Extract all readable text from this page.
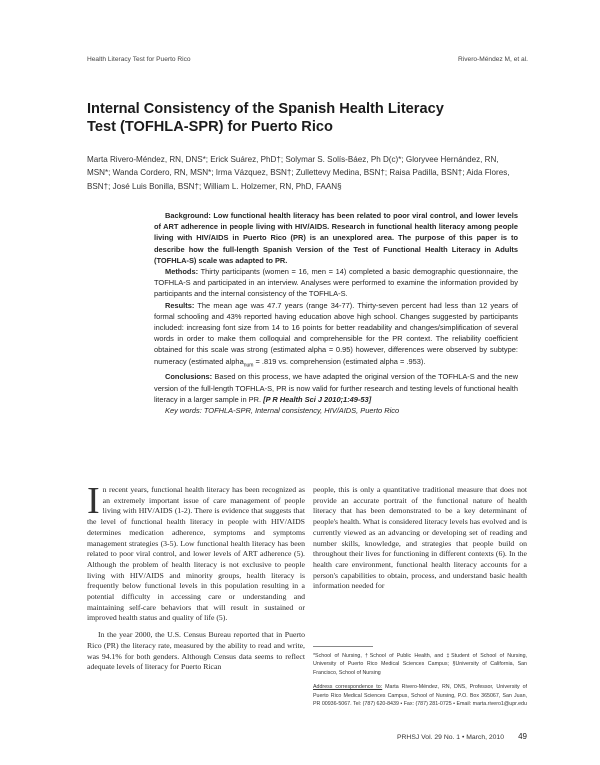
Health Literacy Test for Puerto Rico	Rivero-Méndez M, et al.
Internal Consistency of the Spanish Health Literacy Test (TOFHLA-SPR) for Puerto Rico
Marta Rivero-Méndez, RN, DNS*; Erick Suárez, PhD†; Solymar S. Solís-Báez, Ph D(c)*; Gloryvee Hernández, RN, MSN*; Wanda Cordero, RN, MSN*; Irma Vázquez, BSN†; Zullettevy Medina, BSN†; Raisa Padilla, BSN†; Aida Flores, BSN†; José Luis Bonilla, BSN†; William L. Holzemer, RN, PhD, FAAN§

Background: Low functional health literacy has been related to poor viral control, and lower levels of ART adherence in people living with HIV/AIDS. Research in functional health literacy among people living with HIV/AIDS in Puerto Rico (PR) is an unexplored area. The purpose of this paper is to describe how the full-length Spanish Version of the Test of Functional Health Literacy in Adults (TOFHLA-S) scale was adapted to PR.

Methods: Thirty participants (women = 16, men = 14) completed a basic demographic questionnaire, the TOFHLA-S and participated in an interview. Analyses were performed to examine the information provided by participants and the internal consistency of the TOFHLA-S.

Results: The mean age was 47.7 years (range 34-77). Thirty-seven percent had less than 12 years of formal schooling and 43% reported having education above high school. Changes suggested by participants included: increasing font size from 14 to 16 points for better readability and changes/simplification of several words in order to make them colloquial and comprehensible for the PR context. The reliability coefficient obtained for this scale was strong (estimated alpha = 0.95) however, differences were observed by subtype: numeracy (estimated alpha$_{num}$ = .819 vs. comprehension (estimated alpha = .953).

Conclusions: Based on this process, we have adapted the original version of the TOFHLA-S and the new version of the full-length TOFHLA-S, PR is now valid for further research and testing levels of functional health literacy in a larger sample in PR. [P R Health Sci J 2010;1:49-53]

Key words: TOFHLA-SPR, Internal consistency, HIV/AIDS, Puerto Rico

In recent years, functional health literacy has been recognized as an extremely important issue of care management of people living with HIV/AIDS (1-2). There is evidence that suggests that the level of functional health literacy in people with HIV/AIDS determines medication adherence, symptoms and symptoms management strategies (3-5). Low functional health literacy has been related to poor viral control, and lower levels of ART adherence (5). Although the problem of health literacy is not exclusive to people living with HIV/AIDS and minority groups, health literacy is frequently below functional levels in this population resulting in a potential difficulty in accessing care or understanding and maintaining self-care behaviors that will result in sustained or improved health status and quality of life (5).

In the year 2000, the U.S. Census Bureau reported that in Puerto Rico (PR) the literacy rate, measured by the ability to read and write, was 94.1% for both genders. Although Census data seems to reflect adequate levels of literacy for Puerto Rican

people, this is only a quantitative traditional measure that does not provide an accurate portrait of the functional nature of health literacy that has been demonstrated to be a key determinant of people's health. What is considered literacy levels has evolved and is currently viewed as an advancing or developing set of reading and number skills, knowledge, and strategies that people build on throughout their lives for functioning in different contexts (6). In the health care environment, functional health literacy accounts for a person's capabilities to obtain, process, and understand basic health information needed for

*School of Nursing, †School of Public Health, and ‡Student of School of Nursing, University of Puerto Rico Medical Sciences Campus; §University of California, San Francisco, School of Nursing

Address correspondence to: Marta Rivero-Méndez, RN, DNS, Professor, University of Puerto Rico Medical Sciences Campus, School of Nursing, P.O. Box 365067, San Juan, PR 00936-5067. Tel: (787) 620-8439 • Fax: (787) 281-0725 • Email: marta.rivero1@upr.edu

PRHSJ Vol. 29 No. 1 • March, 2010 49
